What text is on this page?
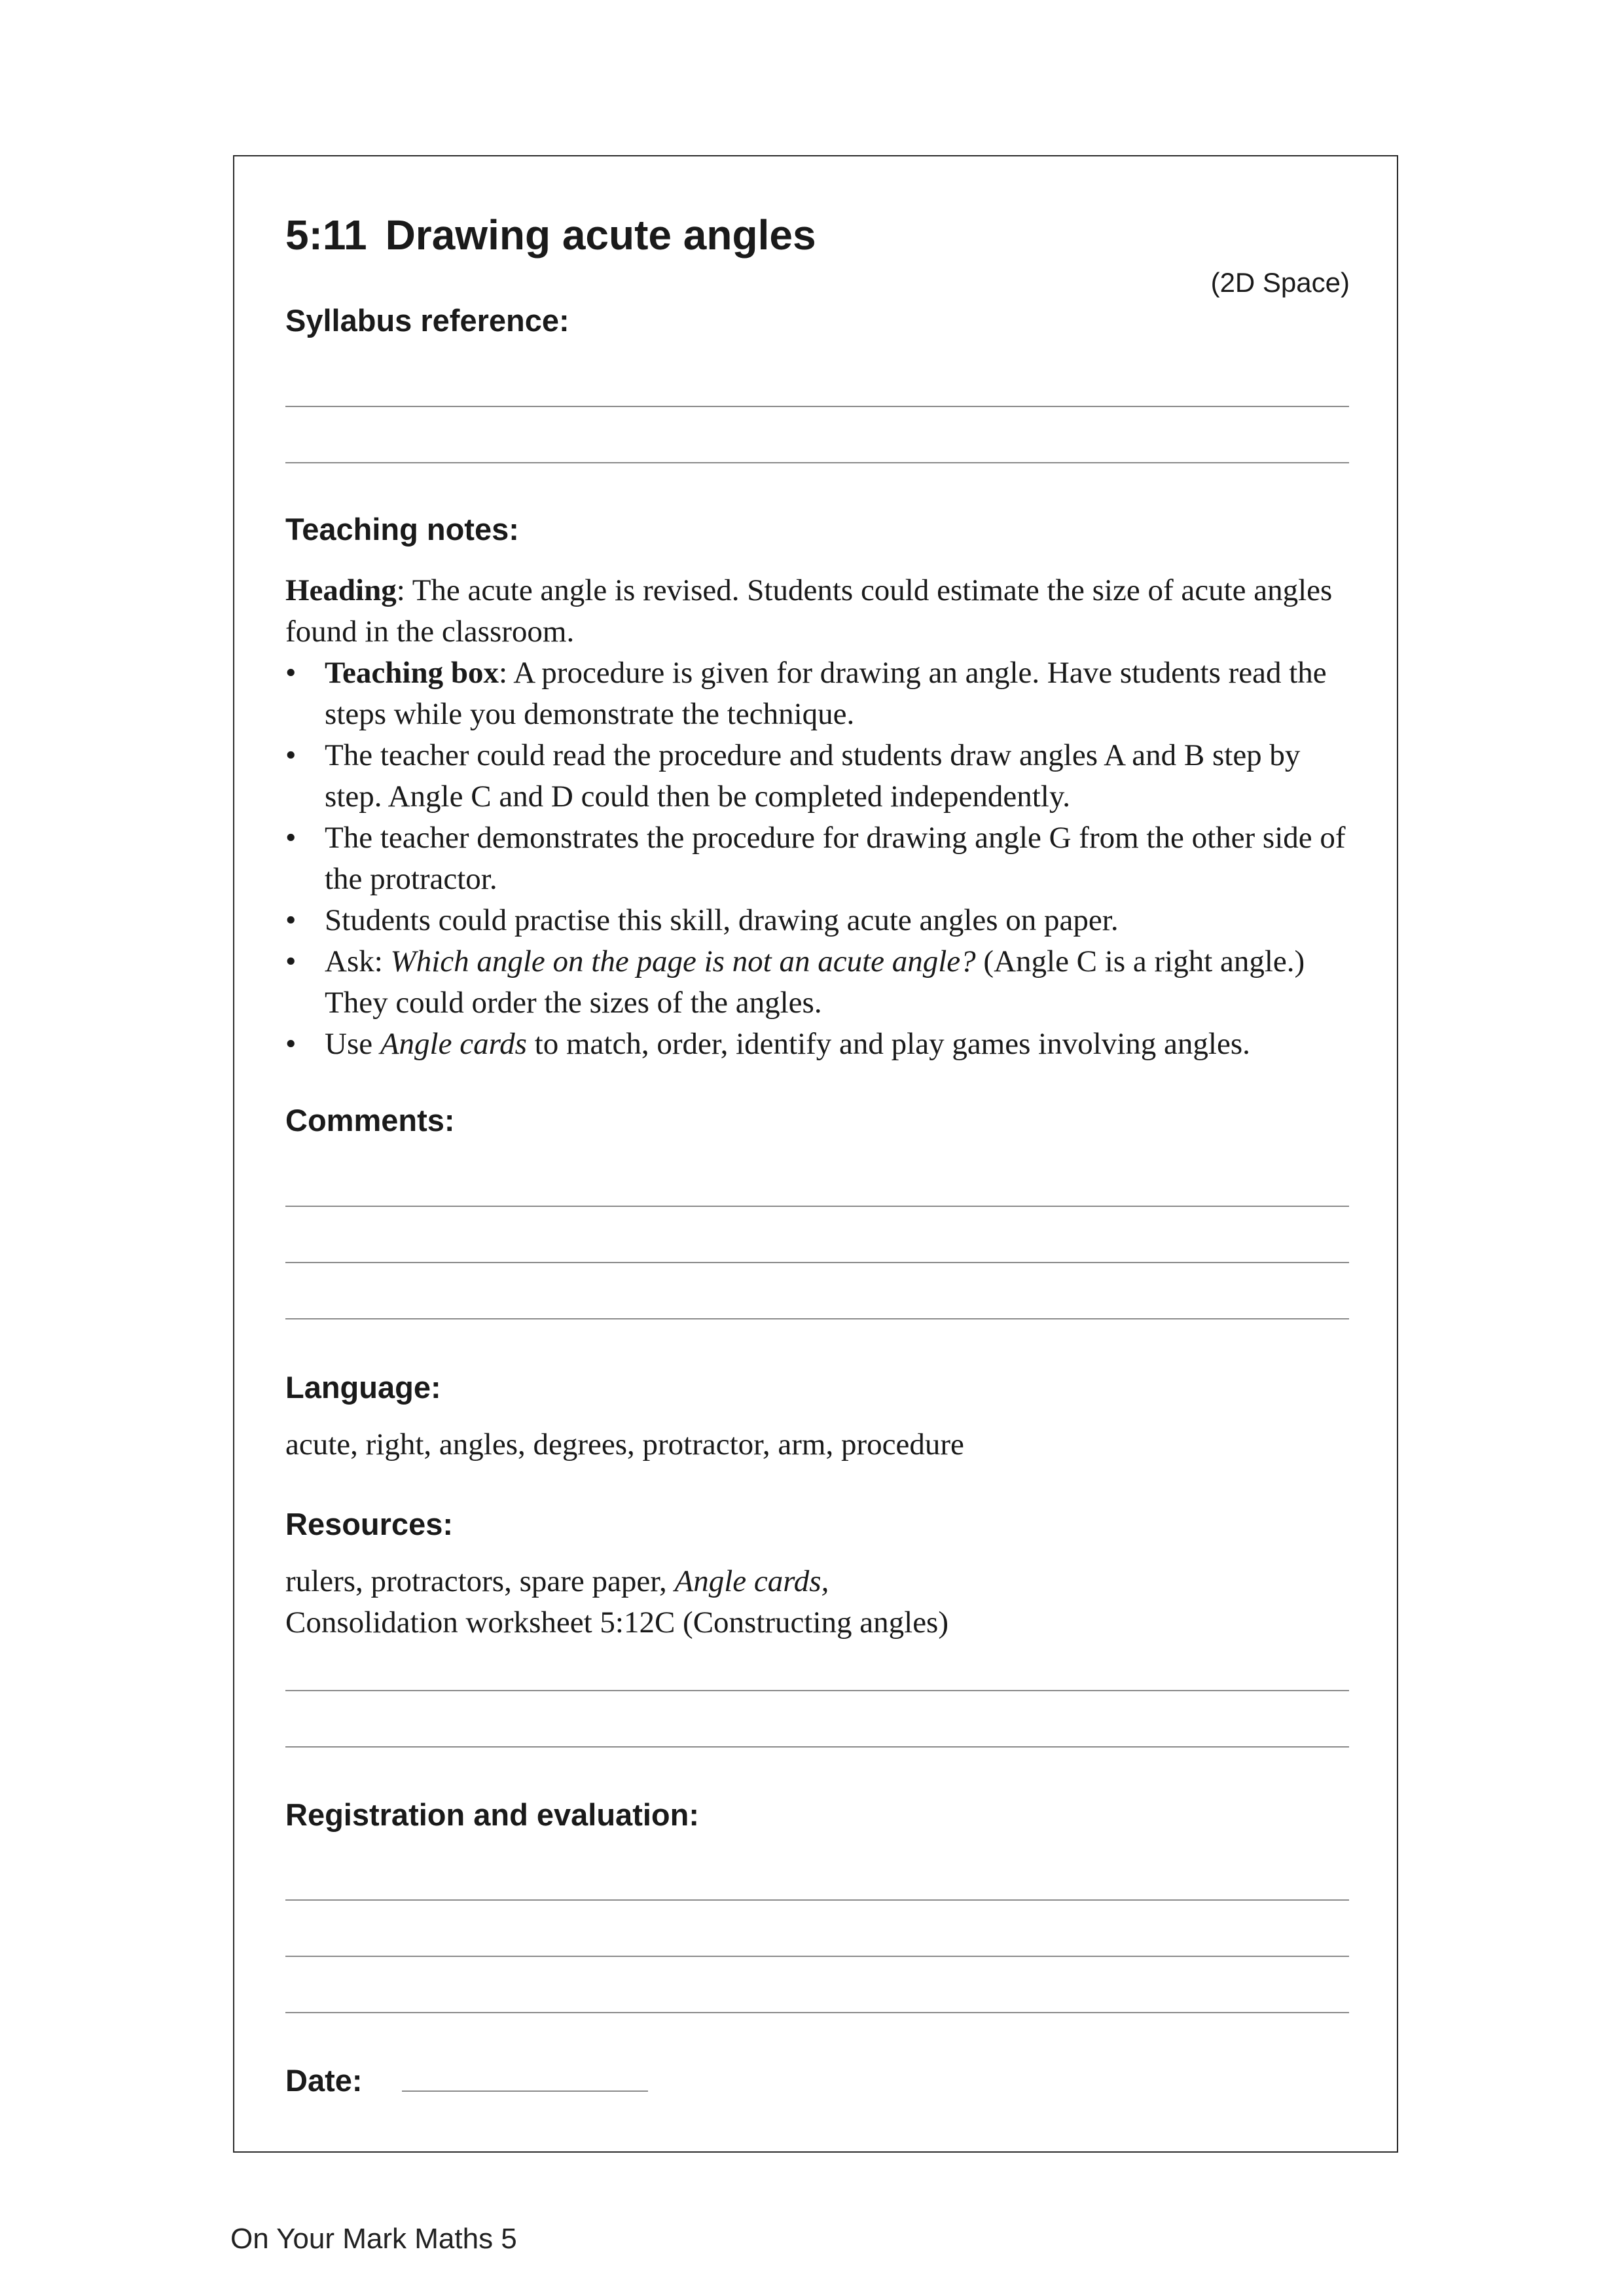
5:11 Drawing acute angles
(2D Space)
Syllabus reference:
Teaching notes:

Heading: The acute angle is revised. Students could estimate the size of acute angles found in the classroom.

• Teaching box: A procedure is given for drawing an angle. Have students read the steps while you demonstrate the technique.
• The teacher could read the procedure and students draw angles A and B step by step. Angle C and D could then be completed independently.
• The teacher demonstrates the procedure for drawing angle G from the other side of the protractor.
• Students could practise this skill, drawing acute angles on paper.
• Ask: Which angle on the page is not an acute angle? (Angle C is a right angle.) They could order the sizes of the angles.
• Use Angle cards to match, order, identify and play games involving angles.
Comments:
Language:

acute, right, angles, degrees, protractor, arm, procedure

Resources:

rulers, protractors, spare paper, Angle cards,
Consolidation worksheet 5:12C (Constructing angles)

Registration and evaluation:
Date:
On Your Mark Maths 5
